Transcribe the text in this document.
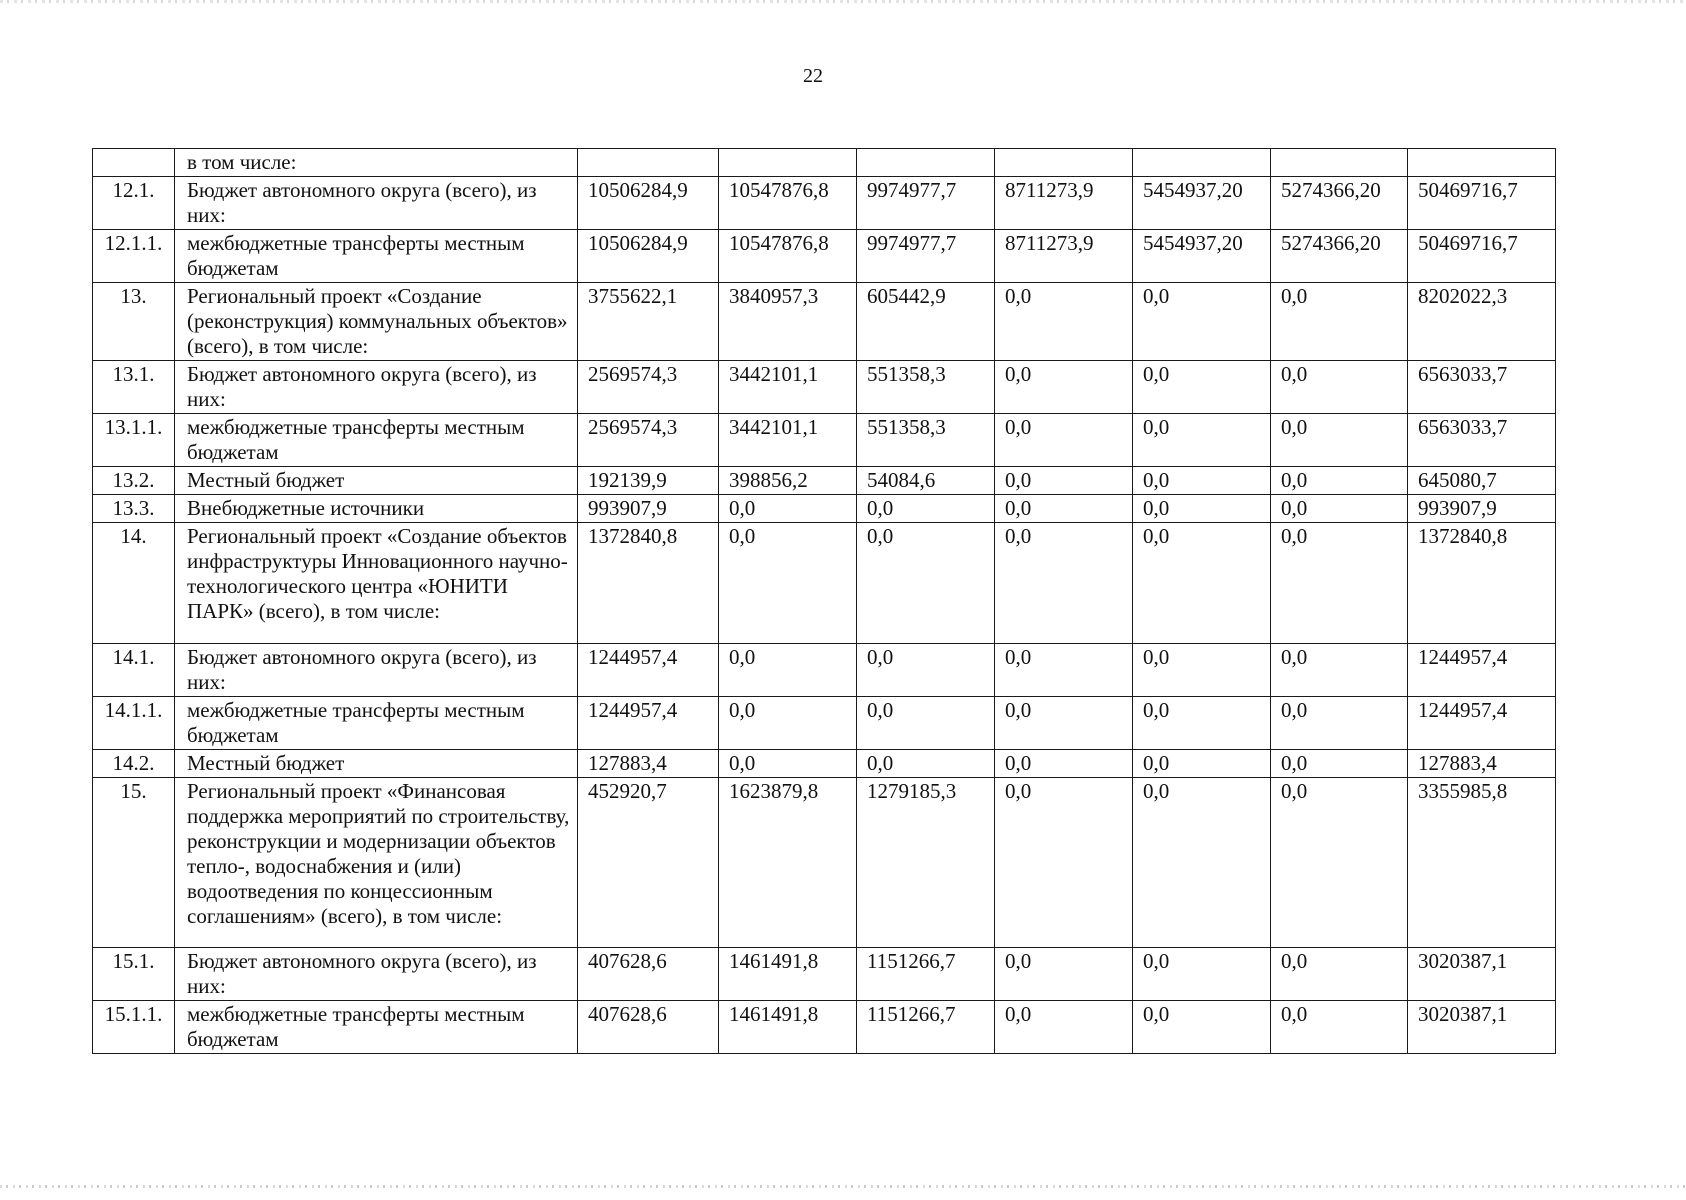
22
	в том числе:							
12.1.	Бюджет автономного округа (всего), из них:	10506284,9	10547876,8	9974977,7	8711273,9	5454937,20	5274366,20	50469716,7
12.1.1.	межбюджетные трансферты местным бюджетам	10506284,9	10547876,8	9974977,7	8711273,9	5454937,20	5274366,20	50469716,7
13.	Региональный проект «Создание (реконструкция) коммунальных объектов» (всего), в том числе:	3755622,1	3840957,3	605442,9	0,0	0,0	0,0	8202022,3
13.1.	Бюджет автономного округа (всего), из них:	2569574,3	3442101,1	551358,3	0,0	0,0	0,0	6563033,7
13.1.1.	межбюджетные трансферты местным бюджетам	2569574,3	3442101,1	551358,3	0,0	0,0	0,0	6563033,7
13.2.	Местный бюджет	192139,9	398856,2	54084,6	0,0	0,0	0,0	645080,7
13.3.	Внебюджетные источники	993907,9	0,0	0,0	0,0	0,0	0,0	993907,9
14.	Региональный проект «Создание объектов инфраструктуры Инновационного научно-технологического центра «ЮНИТИ ПАРК» (всего), в том числе:	1372840,8	0,0	0,0	0,0	0,0	0,0	1372840,8
14.1.	Бюджет автономного округа (всего), из них:	1244957,4	0,0	0,0	0,0	0,0	0,0	1244957,4
14.1.1.	межбюджетные трансферты местным бюджетам	1244957,4	0,0	0,0	0,0	0,0	0,0	1244957,4
14.2.	Местный бюджет	127883,4	0,0	0,0	0,0	0,0	0,0	127883,4
15.	Региональный проект «Финансовая поддержка мероприятий по строительству, реконструкции и модернизации объектов тепло-, водоснабжения и (или) водоотведения по концессионным соглашениям» (всего), в том числе:	452920,7	1623879,8	1279185,3	0,0	0,0	0,0	3355985,8
15.1.	Бюджет автономного округа (всего), из них:	407628,6	1461491,8	1151266,7	0,0	0,0	0,0	3020387,1
15.1.1.	межбюджетные трансферты местным бюджетам	407628,6	1461491,8	1151266,7	0,0	0,0	0,0	3020387,1
